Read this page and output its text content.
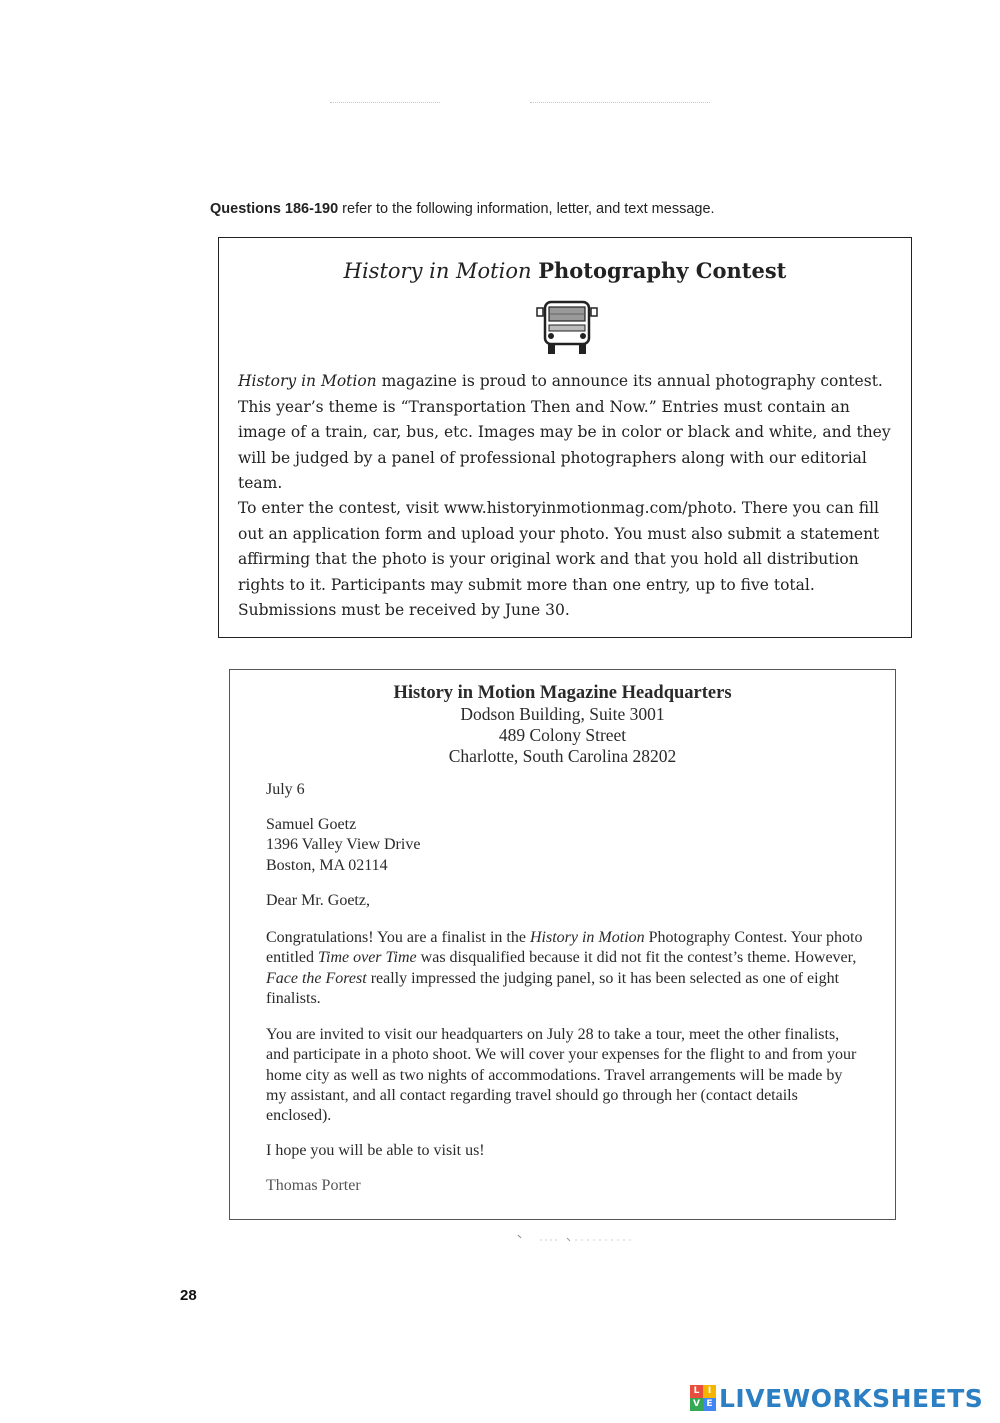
Questions 186-190 refer to the following information, letter, and text message.
History in Motion Photography Contest
History in Motion magazine is proud to announce its annual photography contest. This year’s theme is “Transportation Then and Now.” Entries must contain an image of a train, car, bus, etc. Images may be in color or black and white, and they will be judged by a panel of professional photographers along with our editorial team.
To enter the contest, visit www.historyinmotionmag.com/photo. There you can fill out an application form and upload your photo. You must also submit a statement affirming that the photo is your original work and that you hold all distribution rights to it. Participants may submit more than one entry, up to five total. Submissions must be received by June 30.
History in Motion Magazine Headquarters
Dodson Building, Suite 3001
489 Colony Street
Charlotte, South Carolina 28202
July 6
Samuel Goetz
1396 Valley View Drive
Boston, MA 02114
Dear Mr. Goetz,
Congratulations! You are a finalist in the History in Motion Photography Contest. Your photo entitled Time over Time was disqualified because it did not fit the contest’s theme. However, Face the Forest really impressed the judging panel, so it has been selected as one of eight finalists.
You are invited to visit our headquarters on July 28 to take a tour, meet the other finalists, and participate in a photo shoot. We will cover your expenses for the flight to and from your home city as well as two nights of accommodations. Travel arrangements will be made by my assistant, and all contact regarding travel should go through her (contact details enclosed).
I hope you will be able to visit us!
Thomas Porter
28
L I
V E LIVEWORKSHEETS
